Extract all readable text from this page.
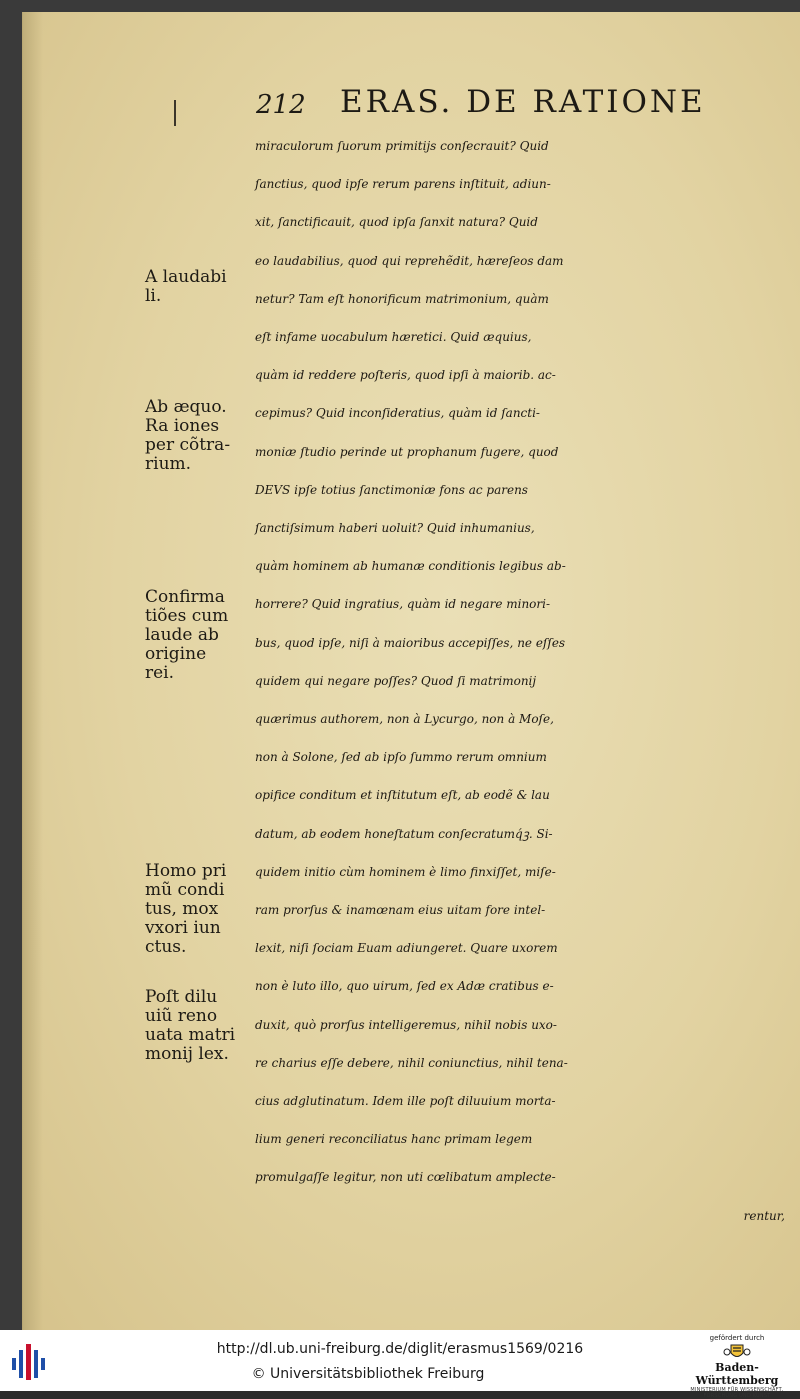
212 ERAS. DE RATIONE
miraculorum ſuorum primitijs conſecrauit? Quid
ſanctius, quod ipſe rerum parens inſtituit, adiun-
xit, ſanctificauit, quod ipſa ſanxit natura? Quid
eo laudabilius, quod qui reprehẽdit, hæreſeos dam
netur? Tam eſt honorificum matrimonium, quàm
eſt infame uocabulum hæretici. Quid æquius,
quàm id reddere poſteris, quod ipſi à maiorib. ac-
cepimus? Quid inconſideratius, quàm id ſancti-
moniæ ſtudio perinde ut prophanum fugere, quod
DEVS ipſe totius ſanctimoniæ fons ac parens
ſanctiſsimum haberi uoluit? Quid inhumanius,
quàm hominem ab humanæ conditionis legibus ab-
horrere? Quid ingratius, quàm id negare minori-
bus, quod ipſe, niſi à maioribus accepiſſes, ne eſſes
quidem qui negare poſſes? Quod ſi matrimonij
quærimus authorem, non à Lycurgo, non à Moſe,
non à Solone, ſed ab ipſo ſummo rerum omnium
opifice conditum et inſtitutum eſt, ab eodẽ & lau
datum, ab eodem honeſtatum conſecratumq́ꝫ. Si-
quidem initio cùm hominem è limo finxiſſet, miſe-
ram prorſus & inamœnam eius uitam fore intel-
lexit, niſi ſociam Euam adiungeret. Quare uxorem
non è luto illo, quo uirum, ſed ex Adæ cratibus e-
duxit, quò prorſus intelligeremus, nihil nobis uxo-
re charius eſſe debere, nihil coniunctius, nihil tena-
cius adglutinatum. Idem ille poſt diluuium morta-
lium generi reconciliatus hanc primam legem
promulgaſſe legitur, non uti cœlibatum amplecte-
rentur,
A laudabi
li.
Ab æquo.
Ra iones
per cõtra-
rium.
Confirma
tiões cum
laude ab
origine
rei.
Homo pri
mũ condi
tus, mox
vxori iun
ctus.
Poſt dilu
uiũ reno
uata matri
monij lex.
http://dl.ub.uni-freiburg.de/diglit/erasmus1569/0216
© Universitätsbibliothek Freiburg
gefördert durch
Baden-Württemberg
MINISTERIUM FÜR WISSENSCHAFT, FORSCHUNG UND KUNST
